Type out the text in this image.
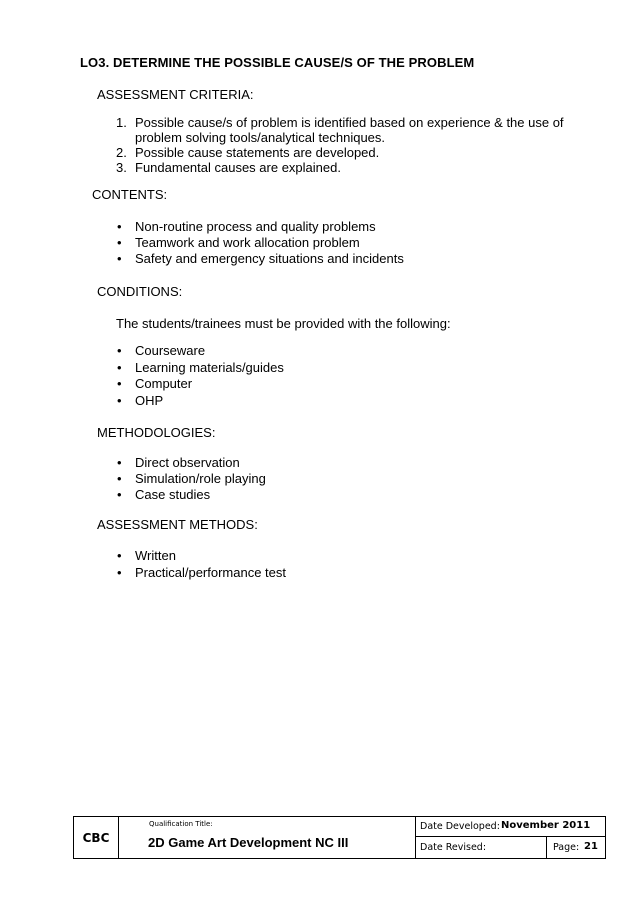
LO3. DETERMINE THE POSSIBLE CAUSE/S OF THE PROBLEM
ASSESSMENT CRITERIA:
1. Possible cause/s of problem is identified based on experience & the use of
problem solving tools/analytical techniques.
2. Possible cause statements are developed.
3. Fundamental causes are explained.
CONTENTS:
• Non-routine process and quality problems
• Teamwork and work allocation problem
• Safety and emergency situations and incidents
CONDITIONS:
The students/trainees must be provided with the following:
• Courseware
• Learning materials/guides
• Computer
• OHP
METHODOLOGIES:
• Direct observation
• Simulation/role playing
• Case studies
ASSESSMENT METHODS:
• Written
• Practical/performance test
CBC
Qualification Title:
2D Game Art Development NC III
Date Developed: November 2011
Date Revised:	Page: 21
